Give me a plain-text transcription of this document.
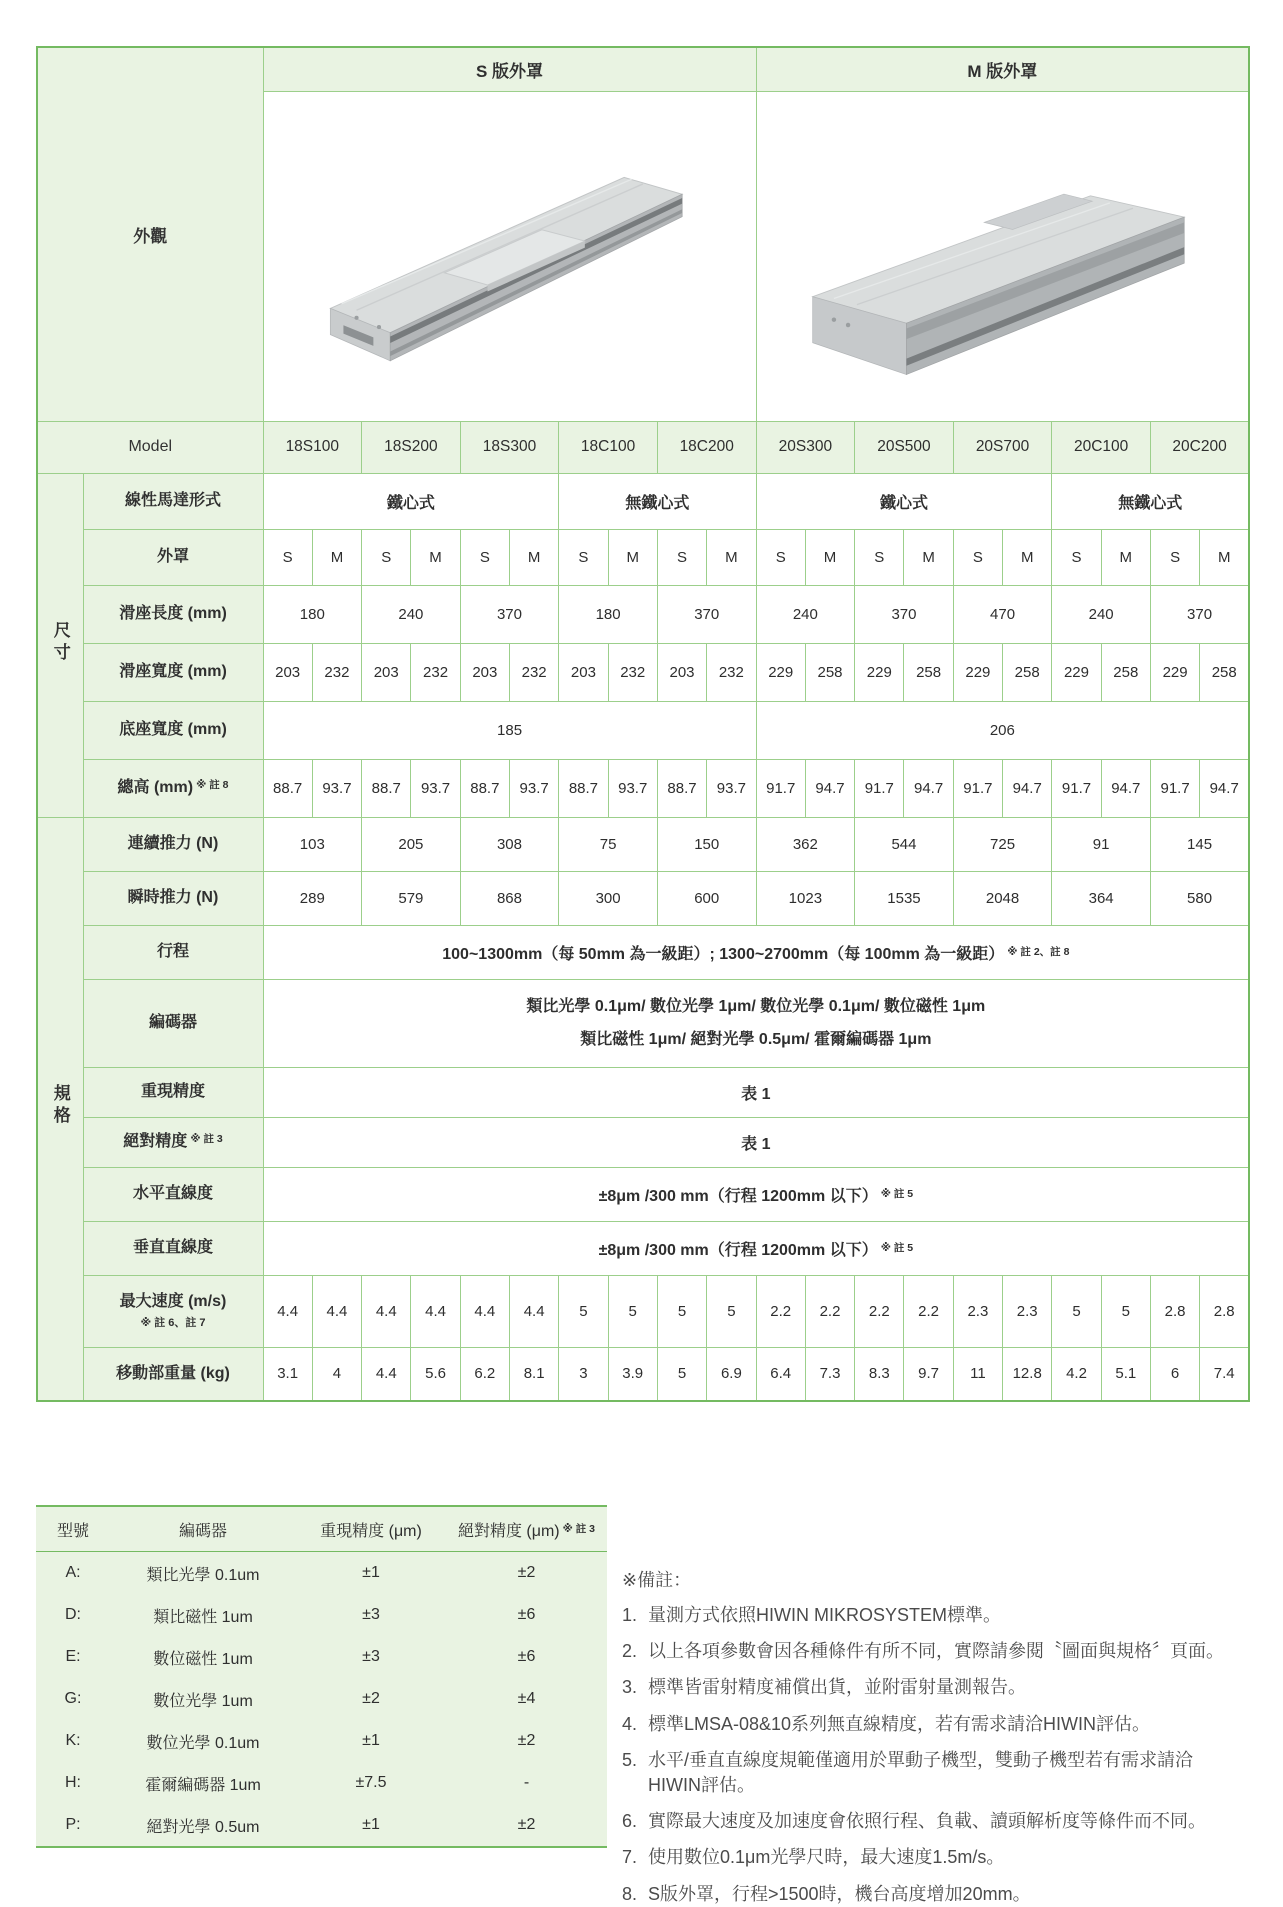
外觀		S 版外罩										M 版外罩									

Model		18S100		18S200		18S300		18C100		18C200		20S300		20S500		20S700		20C100		20C200	
尺寸	線性馬達形式	鐵心式						無鐵心式				鐵心式						無鐵心式			
	外罩	S	M	S	M	S	M	S	M	S	M	S	M	S	M	S	M	S	M	S	M
	滑座長度 (mm)	180		240		370		180		370		240		370		470		240		370	
	滑座寬度 (mm)	203	232	203	232	203	232	203	232	203	232	229	258	229	258	229	258	229	258	229	258
	底座寬度 (mm)	185										206									
	總高 (mm) $^{※ 註 8}$	88.7	93.7	88.7	93.7	88.7	93.7	88.7	93.7	88.7	93.7	91.7	94.7	91.7	94.7	91.7	94.7	91.7	94.7	91.7	94.7
規格	連續推力 (N)	103		205		308		75		150		362		544		725		91		145	
	瞬時推力 (N)	289		579		868		300		600		1023		1535		2048		364		580	
	行程	100~1300mm（每 50mm 為一級距）; 1300~2700mm（每 100mm 為一級距） $^{※ 註 2、註 8}$
	編碼器	類比光學 0.1μm/ 數位光學 1μm/ 數位光學 0.1μm/ 數位磁性 1μm
類比磁性 1μm/ 絕對光學 0.5μm/ 霍爾編碼器 1μm																			

	重現精度	表 1																			
	絕對精度 $^{※ 註 3}$	表 1																			
	水平直線度	±8μm /300 mm（行程 1200mm 以下） $^{※ 註 5}$
	垂直直線度	±8μm /300 mm（行程 1200mm 以下） $^{※ 註 5}$
	最大速度 (m/s)
※ 註 6、註 7	4.4	4.4	4.4	4.4	4.4	4.4	5	5	5	5	2.2	2.2	2.2	2.2	2.3	2.3	5	5	2.8	2.8
	移動部重量 (kg)	3.1	4	4.4	5.6	6.2	8.1	3	3.9	5	6.9	6.4	7.3	8.3	9.7	11	12.8	4.2	5.1	6	7.4
型號	編碼器	重現精度 (μm)	絕對精度 (μm) $^{※ 註 3}$
A:	類比光學 0.1um	±1	±2
D:	類比磁性 1um	±3	±6
E:	數位磁性 1um	±3	±6
G:	數位光學 1um	±2	±4
K:	數位光學 0.1um	±1	±2
H:	霍爾編碼器 1um	±7.5	-
P:	絕對光學 0.5um	±1	±2
※備註：
1. 量測方式依照HIWIN MIKROSYSTEM標準。
2. 以上各項參數會因各種條件有所不同，實際請參閱〝圖面與規格〞頁面。
3. 標準皆雷射精度補償出貨，並附雷射量測報告。
4. 標準LMSA-08&10系列無直線精度，若有需求請洽HIWIN評估。
5. 水平/垂直直線度規範僅適用於單動子機型，雙動子機型若有需求請洽
HIWIN評估。
6. 實際最大速度及加速度會依照行程、負載、讀頭解析度等條件而不同。
7. 使用數位0.1μm光學尺時，最大速度1.5m/s。
8. S版外罩，行程>1500時，機台高度增加20mm。
